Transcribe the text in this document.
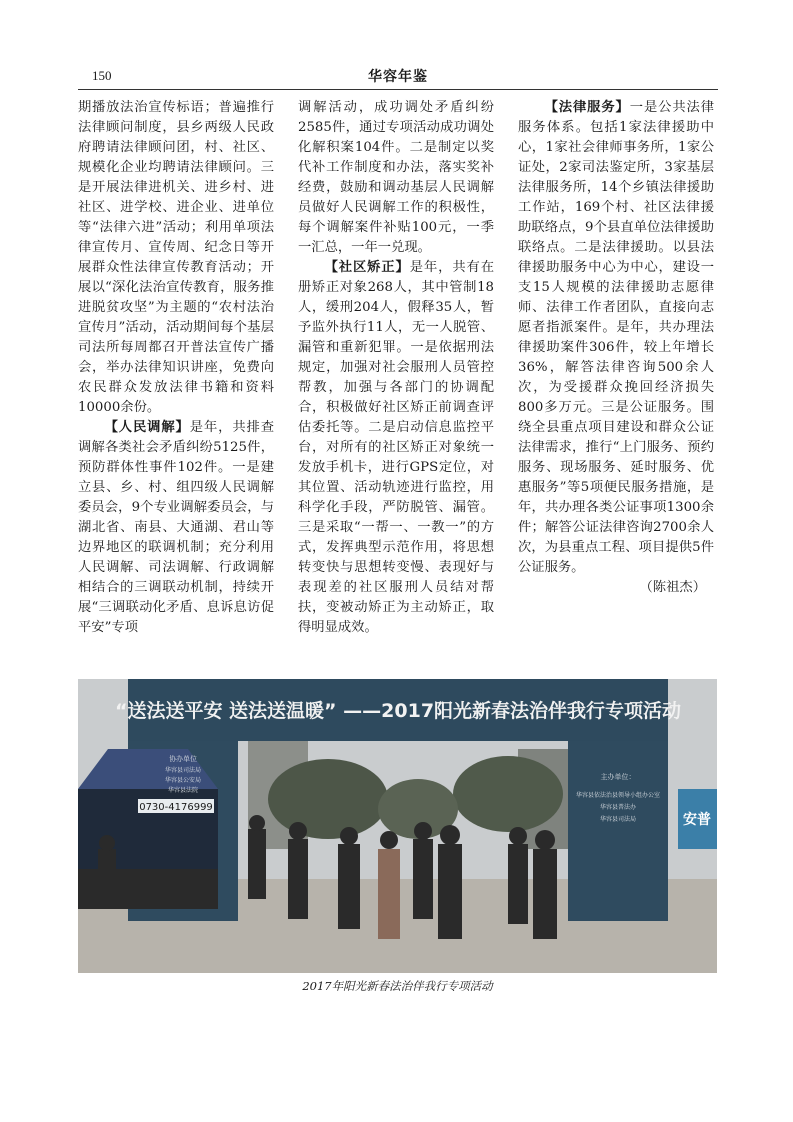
150	华容年鉴

期播放法治宣传标语；普遍推行法律顾问制度，县乡两级人民政府聘请法律顾问团，村、社区、规模化企业均聘请法律顾问。三是开展法律进机关、进乡村、进社区、进学校、进企业、进单位等“法律六进”活动；利用单项法律宣传月、宣传周、纪念日等开展群众性法律宣传教育活动；开展以“深化法治宣传教育，服务推进脱贫攻坚”为主题的“农村法治宣传月”活动，活动期间每个基层司法所每周都召开普法宣传广播会，举办法律知识讲座，免费向农民群众发放法律书籍和资料10000余份。

【人民调解】是年，共排查调解各类社会矛盾纠纷5125件，预防群体性事件102件。一是建立县、乡、村、组四级人民调解委员会，9个专业调解委员会，与湖北省、南县、大通湖、君山等边界地区的联调机制；充分利用人民调解、司法调解、行政调解相结合的三调联动机制，持续开展“三调联动化矛盾、息诉息访促平安”专项

调解活动，成功调处矛盾纠纷2585件，通过专项活动成功调处化解积案104件。二是制定以奖代补工作制度和办法，落实奖补经费，鼓励和调动基层人民调解员做好人民调解工作的积极性，每个调解案件补贴100元，一季一汇总，一年一兑现。

【社区矫正】是年，共有在册矫正对象268人，其中管制18人，缓刑204人，假释35人，暂予监外执行11人，无一人脱管、漏管和重新犯罪。一是依据刑法规定，加强对社会服刑人员管控帮教，加强与各部门的协调配合，积极做好社区矫正前调查评估委托等。二是启动信息监控平台，对所有的社区矫正对象统一发放手机卡，进行GPS定位，对其位置、活动轨迹进行监控，用科学化手段，严防脱管、漏管。三是采取“一帮一、一教一”的方式，发挥典型示范作用，将思想转变快与思想转变慢、表现好与表现差的社区服刑人员结对帮扶，变被动矫正为主动矫正，取得明显成效。

【法律服务】一是公共法律服务体系。包括1家法律援助中心，1家社会律师事务所，1家公证处，2家司法鉴定所，3家基层法律服务所，14个乡镇法律援助工作站，169个村、社区法律援助联络点，9个县直单位法律援助联络点。二是法律援助。以县法律援助服务中心为中心，建设一支15人规模的法律援助志愿律师、法律工作者团队，直接向志愿者指派案件。是年，共办理法律援助案件306件，较上年增长36%，解答法律咨询500余人次，为受援群众挽回经济损失800多万元。三是公证服务。围绕全县重点项目建设和群众公证法律需求，推行“上门服务、预约服务、现场服务、延时服务、优惠服务”等5项便民服务措施，是年，共办理各类公证事项1300余件；解答公证法律咨询2700余人次，为县重点工程、项目提供5件公证服务。

（陈祖杰）

“送法送平安 送法送温暖” ——2017阳光新春法治伴我行专项活动
0730-4176999
协办单位
华容县司法局
华容县公安局
华容县法院
主办单位：
华容县依法治县领导小组办公室
华容县普法办
华容县司法局	安普
2017年阳光新春法治伴我行专项活动
